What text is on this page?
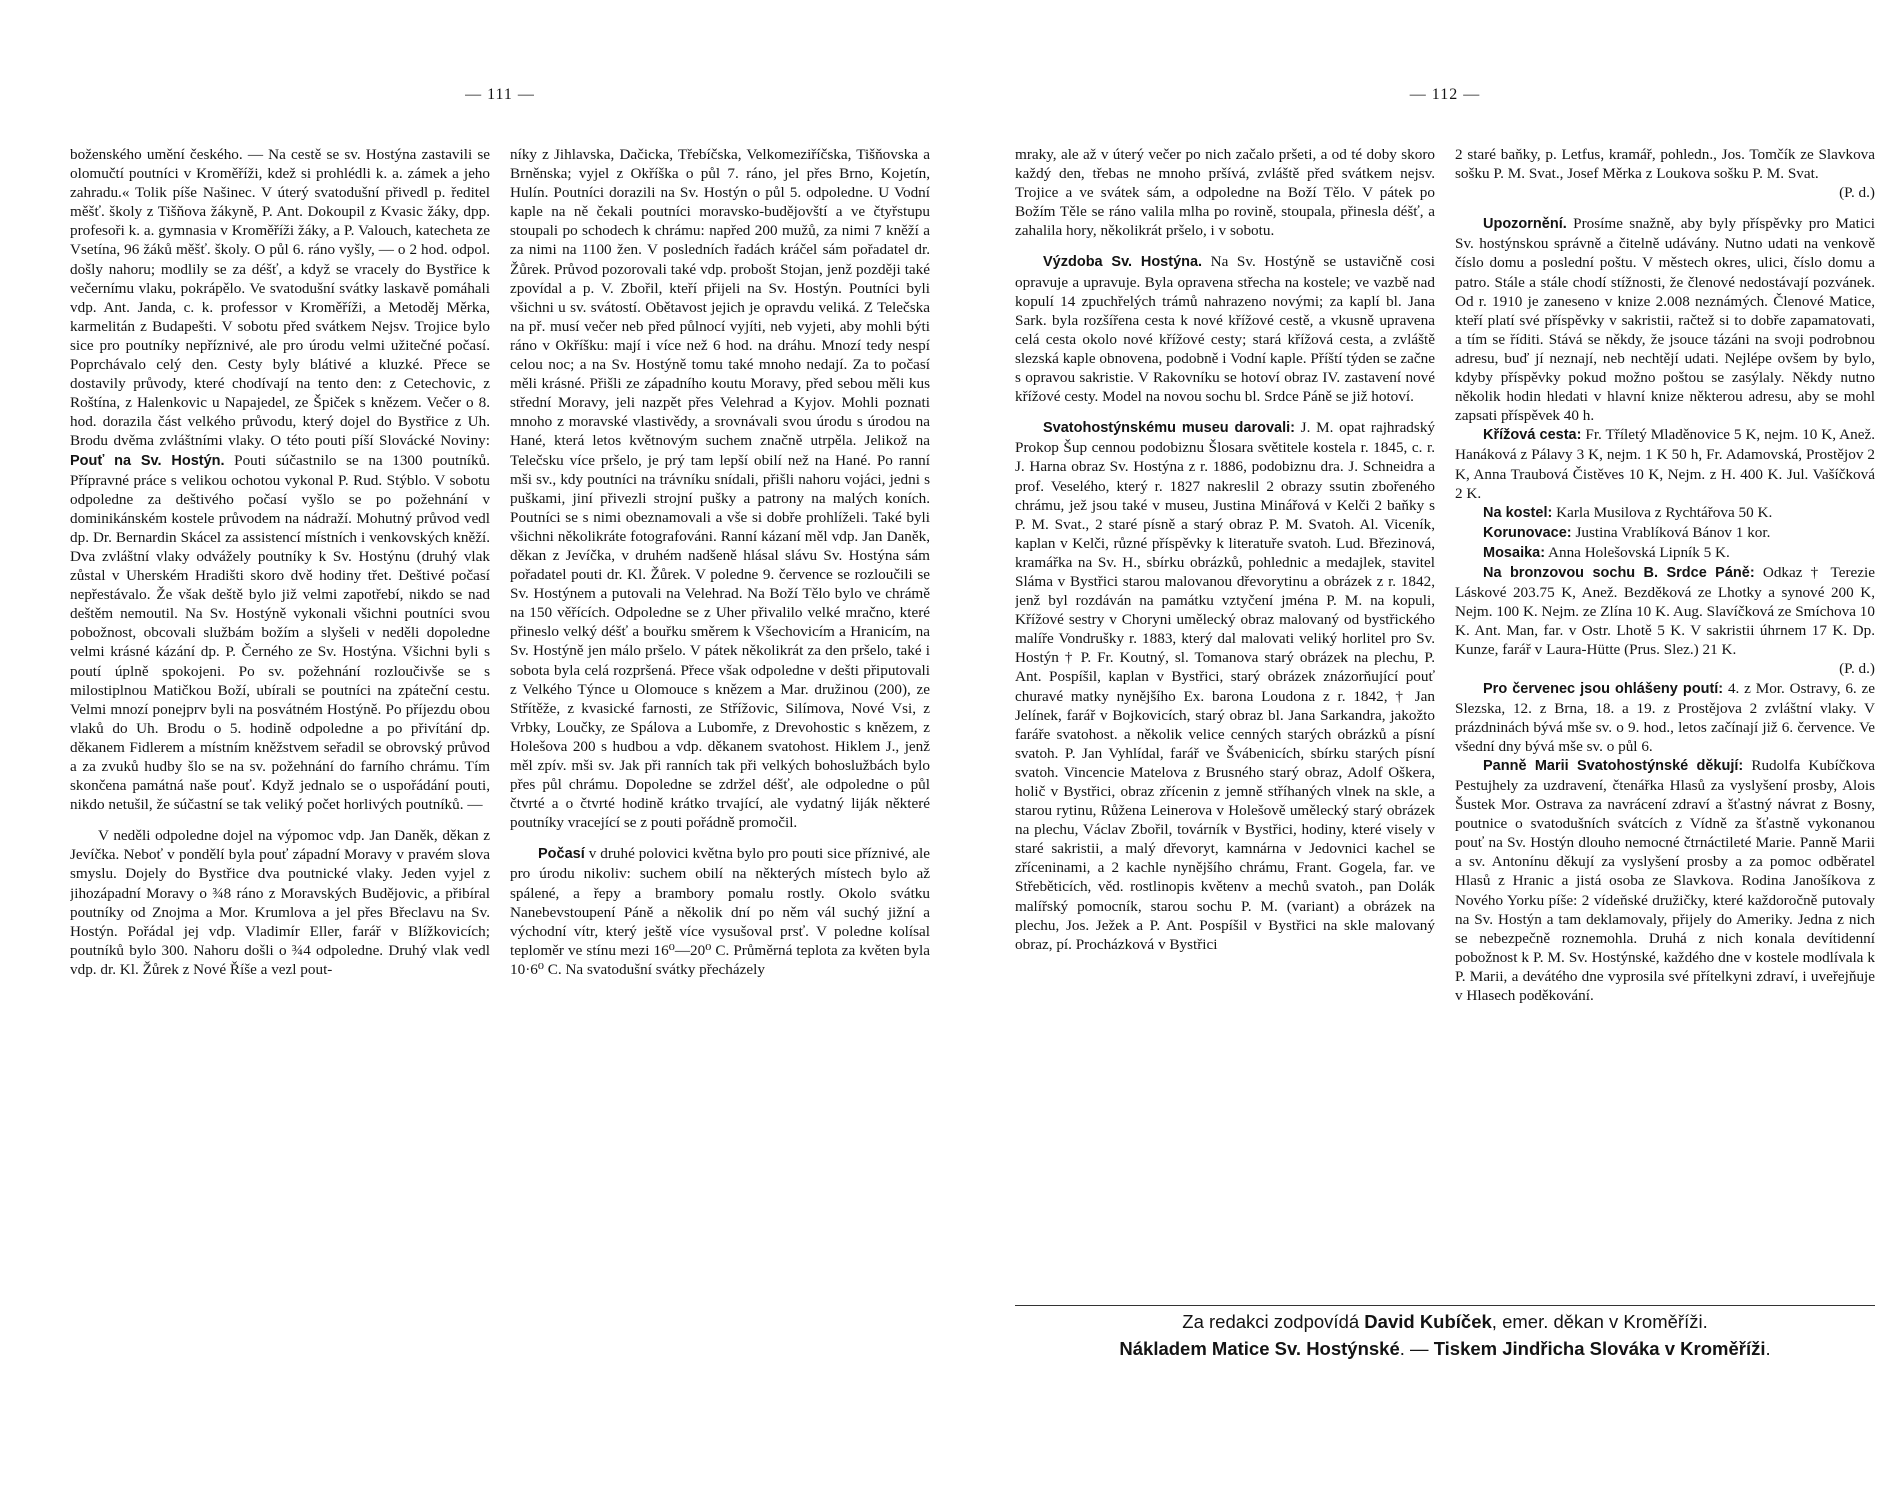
— 111 —

boženského umění českého. — Na cestě se sv. Hostýna zastavili se olomučtí poutníci v Kroměříži, kdež si prohlédli k. a. zámek a jeho zahradu.« Tolik píše Našinec. V úterý svatodušní přivedl p. ředitel měšť. školy z Tišňova žákyně, P. Ant. Dokoupil z Kvasic žáky, dpp. profesoři k. a. gymnasia v Kroměříži žáky, a P. Valouch, katecheta ze Vsetína, 96 žáků měšť. školy. O půl 6. ráno vyšly, — o 2 hod. odpol. došly nahoru; modlily se za déšť, a když se vracely do Bystřice k večernímu vlaku, pokrápělo. Ve svatodušní svátky laskavě pomáhali vdp. Ant. Janda, c. k. professor v Kroměříži, a Metoděj Měrka, karmelitán z Budapešti. V sobotu před svátkem Nejsv. Trojice bylo sice pro poutníky nepříznivé, ale pro úrodu velmi užitečné počasí. Poprchávalo celý den. Cesty byly blátivé a kluzké. Přece se dostavily průvody, které chodívají na tento den: z Cetechovic, z Roštína, z Halenkovic u Napajedel, ze Špiček s knězem. Večer o 8. hod. dorazila část velkého průvodu, který dojel do Bystřice z Uh. Brodu dvěma zvláštními vlaky. O této pouti píší Slovácké Noviny: Pouť na Sv. Hostýn. Pouti súčastnilo se na 1300 poutníků. Přípravné práce s velikou ochotou vykonal P. Rud. Stýblo. V sobotu odpoledne za deštivého počasí vyšlo se po požehnání v dominikánském kostele průvodem na nádraží. Mohutný průvod vedl dp. Dr. Bernardin Skácel za assistencí místních i venkovských kněží. Dva zvláštní vlaky odvážely poutníky k Sv. Hostýnu (druhý vlak zůstal v Uherském Hradišti skoro dvě hodiny třet. Deštivé počasí nepřestávalo. Že však deště bylo již velmi zapotřebí, nikdo se nad deštěm nemoutil. Na Sv. Hostýně vykonali všichni poutníci svou pobožnost, obcovali službám božím a slyšeli v neděli dopoledne velmi krásné kázání dp. P. Černého ze Sv. Hostýna. Všichni byli s poutí úplně spokojeni. Po sv. požehnání rozloučivše se s milostiplnou Matičkou Boží, ubírali se poutníci na zpáteční cestu. Velmi mnozí ponejprv byli na posvátném Hostýně. Po příjezdu obou vlaků do Uh. Brodu o 5. hodině odpoledne a po přivítání dp. děkanem Fidlerem a místním kněžstvem seřadil se obrovský průvod a za zvuků hudby šlo se na sv. požehnání do farního chrámu. Tím skončena památná naše pouť. Když jednalo se o uspořádání pouti, nikdo netušil, že súčastní se tak veliký počet horlivých poutníků. —

V neděli odpoledne dojel na výpomoc vdp. Jan Daněk, děkan z Jevíčka. Neboť v pondělí byla pouť západní Moravy v pravém slova smyslu. Dojely do Bystřice dva poutnické vlaky. Jeden vyjel z jihozápadní Moravy o ¾8 ráno z Moravských Budějovic, a přibíral poutníky od Znojma a Mor. Krumlova a jel přes Břeclavu na Sv. Hostýn. Pořádal jej vdp. Vladimír Eller, farář v Blížkovicích; poutníků bylo 300. Nahoru došli o ¾4 odpoledne. Druhý vlak vedl vdp. dr. Kl. Žůrek z Nové Říše a vezl pout-

níky z Jihlavska, Dačicka, Třebíčska, Velkomeziříčska, Tišňovska a Brněnska; vyjel z Okříška o půl 7. ráno, jel přes Brno, Kojetín, Hulín. Poutníci dorazili na Sv. Hostýn o půl 5. odpoledne. U Vodní kaple na ně čekali poutníci moravsko-budějovští a ve čtyřstupu stoupali po schodech k chrámu: napřed 200 mužů, za nimi 7 kněží a za nimi na 1100 žen. V posledních řadách kráčel sám pořadatel dr. Žůrek. Průvod pozorovali také vdp. probošt Stojan, jenž později také zpovídal a p. V. Zbořil, kteří přijeli na Sv. Hostýn. Poutníci byli všichni u sv. svátostí. Obětavost jejich je opravdu veliká. Z Telečska na př. musí večer neb před půlnocí vyjíti, neb vyjeti, aby mohli býti ráno v Okříšku: mají i více než 6 hod. na dráhu. Mnozí tedy nespí celou noc; a na Sv. Hostýně tomu také mnoho nedají. Za to počasí měli krásné. Přišli ze západního koutu Moravy, před sebou měli kus střední Moravy, jeli nazpět přes Velehrad a Kyjov. Mohli poznati mnoho z moravské vlastivědy, a srovnávali svou úrodu s úrodou na Hané, která letos květnovým suchem značně utrpěla. Jelikož na Telečsku více pršelo, je prý tam lepší obilí než na Hané. Po ranní mši sv., kdy poutníci na trávníku snídali, přišli nahoru vojáci, jedni s puškami, jiní přivezli strojní pušky a patrony na malých koních. Poutníci se s nimi obeznamovali a vše si dobře prohlíželi. Také byli všichni několikráte fotografováni. Ranní kázaní měl vdp. Jan Daněk, děkan z Jevíčka, v druhém nadšeně hlásal slávu Sv. Hostýna sám pořadatel pouti dr. Kl. Žůrek. V poledne 9. července se rozloučili se Sv. Hostýnem a putovali na Velehrad. Na Boží Tělo bylo ve chrámě na 150 věřících. Odpoledne se z Uher přivalilo velké mračno, které přineslo velký déšť a bouřku směrem k Všechovicím a Hranicím, na Sv. Hostýně jen málo pršelo. V pátek několikrát za den pršelo, také i sobota byla celá rozpršená. Přece však odpoledne v dešti připutovali z Velkého Týnce u Olomouce s knězem a Mar. družinou (200), ze Střítěže, z kvasické farnosti, ze Střížovic, Silímova, Nové Vsi, z Vrbky, Loučky, ze Spálova a Lubomře, z Drevohostic s knězem, z Holešova 200 s hudbou a vdp. děkanem svatohost. Hiklem J., jenž měl zpív. mši sv. Jak při ranních tak při velkých bohoslužbách bylo přes půl chrámu. Dopoledne se zdržel déšť, ale odpoledne o půl čtvrté a o čtvrté hodině krátko trvající, ale vydatný liják některé poutníky vracející se z pouti pořádně promočil.

Počasí v druhé polovici května bylo pro pouti sice příznivé, ale pro úrodu nikoliv: suchem obilí na některých místech bylo až spálené, a řepy a brambory pomalu rostly. Okolo svátku Nanebevstoupení Páně a několik dní po něm vál suchý jižní a východní vítr, který ještě více vysušoval prsť. V poledne kolísal teploměr ve stínu mezi 16⁰—20⁰ C. Průměrná teplota za květen byla 10·6⁰ C. Na svatodušní svátky přecházely

— 112 —

mraky, ale až v úterý večer po nich začalo pršeti, a od té doby skoro každý den, třebas ne mnoho pršívá, zvláště před svátkem nejsv. Trojice a ve svátek sám, a odpoledne na Boží Tělo. V pátek po Božím Těle se ráno valila mlha po rovině, stoupala, přinesla déšť, a zahalila hory, několikrát pršelo, i v sobotu.

Výzdoba Sv. Hostýna. Na Sv. Hostýně se ustavičně cosi opravuje a upravuje. Byla opravena střecha na kostele; ve vazbě nad kopulí 14 zpuchřelých trámů nahrazeno novými; za kaplí bl. Jana Sark. byla rozšířena cesta k nové křížové cestě, a vkusně upravena celá cesta okolo nové křížové cesty; stará křížová cesta, a zvláště slezská kaple obnovena, podobně i Vodní kaple. Příští týden se začne s opravou sakristie. V Rakovníku se hotoví obraz IV. zastavení nové křížové cesty. Model na novou sochu bl. Srdce Páně se již hotoví.

Svatohostýnskému museu darovali: J. M. opat rajhradský Prokop Šup cennou podobiznu Šlosara světitele kostela r. 1845, c. r. J. Harna obraz Sv. Hostýna z r. 1886, podobiznu dra. J. Schneidra a prof. Veselého, který r. 1827 nakreslil 2 obrazy ssutin zbořeného chrámu, jež jsou také v museu, Justina Minářová v Kelči 2 baňky s P. M. Svat., 2 staré písně a starý obraz P. M. Svatoh. Al. Viceník, kaplan v Kelči, různé příspěvky k literatuře svatoh. Lud. Březinová, kramářka na Sv. H., sbírku obrázků, pohlednic a medajlek, stavitel Sláma v Bystřici starou malovanou dřevorytinu a obrázek z r. 1842, jenž byl rozdáván na památku vztyčení jména P. M. na kopuli, Křížové sestry v Choryni umělecký obraz malovaný od bystřického malíře Vondrušky r. 1883, který dal malovati veliký horlitel pro Sv. Hostýn † P. Fr. Koutný, sl. Tomanova starý obrázek na plechu, P. Ant. Pospíšil, kaplan v Bystřici, starý obrázek znázorňující pouť churavé matky nynějšího Ex. barona Loudona z r. 1842, † Jan Jelínek, farář v Bojkovicích, starý obraz bl. Jana Sarkandra, jakožto faráře svatohost. a několik velice cenných starých obrázků a písní svatoh. P. Jan Vyhlídal, farář ve Švábenicích, sbírku starých písní svatoh. Vincencie Matelova z Brusného starý obraz, Adolf Oškera, holič v Bystřici, obraz zřícenin z jemně stříhaných vlnek na skle, a starou rytinu, Růžena Leinerova v Holešově umělecký starý obrázek na plechu, Václav Zbořil, továrník v Bystřici, hodiny, které visely v staré sakristii, a malý dřevoryt, kamnárna v Jedovnici kachel se zříceninami, a 2 kachle nynějšího chrámu, Frant. Gogela, far. ve Střeběticích, věd. rostlinopis květenv a mechů svatoh., pan Dolák malířský pomocník, starou sochu P. M. (variant) a obrázek na plechu, Jos. Ježek a P. Ant. Pospíšil v Bystřici na skle malovaný obraz, pí. Procházková v Bystřici

2 staré baňky, p. Letfus, kramář, pohledn., Jos. Tomčík ze Slavkova sošku P. M. Svat., Josef Měrka z Loukova sošku P. M. Svat.
(P. d.)

Upozornění. Prosíme snažně, aby byly příspěvky pro Matici Sv. hostýnskou správně a čitelně udávány. Nutno udati na venkově číslo domu a poslední poštu. V městech okres, ulici, číslo domu a patro. Stále a stále chodí stížnosti, že členové nedostávají pozvánek. Od r. 1910 je zaneseno v knize 2.008 neznámých. Členové Matice, kteří platí své příspěvky v sakristii, račtež si to dobře zapamatovati, a tím se říditi. Stává se někdy, že jsouce tázáni na svoji podrobnou adresu, buď jí neznají, neb nechtějí udati. Nejlépe ovšem by bylo, kdyby příspěvky pokud možno poštou se zasýlaly. Někdy nutno několik hodin hledati v hlavní knize některou adresu, aby se mohl zapsati příspěvek 40 h.

Křížová cesta: Fr. Tříletý Mladěnovice 5 K, nejm. 10 K, Anež. Hanáková z Pálavy 3 K, nejm. 1 K 50 h, Fr. Adamovská, Prostějov 2 K, Anna Traubová Čistěves 10 K, Nejm. z H. 400 K. Jul. Vašíčková 2 K.

Na kostel: Karla Musilova z Rychtářova 50 K.

Korunovace: Justina Vrablíková Bánov 1 kor.

Mosaika: Anna Holešovská Lipník 5 K.

Na bronzovou sochu B. Srdce Páně: Odkaz † Terezie Láskové 203.75 K, Anež. Bezděková ze Lhotky a synové 200 K, Nejm. 100 K. Nejm. ze Zlína 10 K. Aug. Slavíčková ze Smíchova 10 K. Ant. Man, far. v Ostr. Lhotě 5 K. V sakristii úhrnem 17 K. Dp. Kunze, farář v Laura-Hütte (Prus. Slez.) 21 K.
(P. d.)

Pro červenec jsou ohlášeny poutí: 4. z Mor. Ostravy, 6. ze Slezska, 12. z Brna, 18. a 19. z Prostějova 2 zvláštní vlaky. V prázdninách bývá mše sv. o 9. hod., letos začínají již 6. července. Ve všední dny bývá mše sv. o půl 6.

Panně Marii Svatohostýnské děkují: Rudolfa Kubíčkova Pestujhely za uzdravení, čtenářka Hlasů za vyslyšení prosby, Alois Šustek Mor. Ostrava za navrácení zdraví a šťastný návrat z Bosny, poutnice o svatodušních svátcích z Vídně za šťastně vykonanou pouť na Sv. Hostýn dlouho nemocné čtrnáctileté Marie. Panně Marii a sv. Antonínu děkují za vyslyšení prosby a za pomoc odběratel Hlasů z Hranic a jistá osoba ze Slavkova. Rodina Janošíkova z Nového Yorku píše: 2 vídeňské družičky, které každoročně putovaly na Sv. Hostýn a tam deklamovaly, přijely do Ameriky. Jedna z nich se nebezpečně roznemohla. Druhá z nich konala devítidenní pobožnost k P. M. Sv. Hostýnské, každého dne v kostele modlívala k P. Marii, a devátého dne vyprosila své přítelkyni zdraví, i uveřejňuje v Hlasech poděkování.

Za redakci zodpovídá David Kubíček, emer. děkan v Kroměříži.
Nákladem Matice Sv. Hostýnské. — Tiskem Jindřicha Slováka v Kroměříži.
